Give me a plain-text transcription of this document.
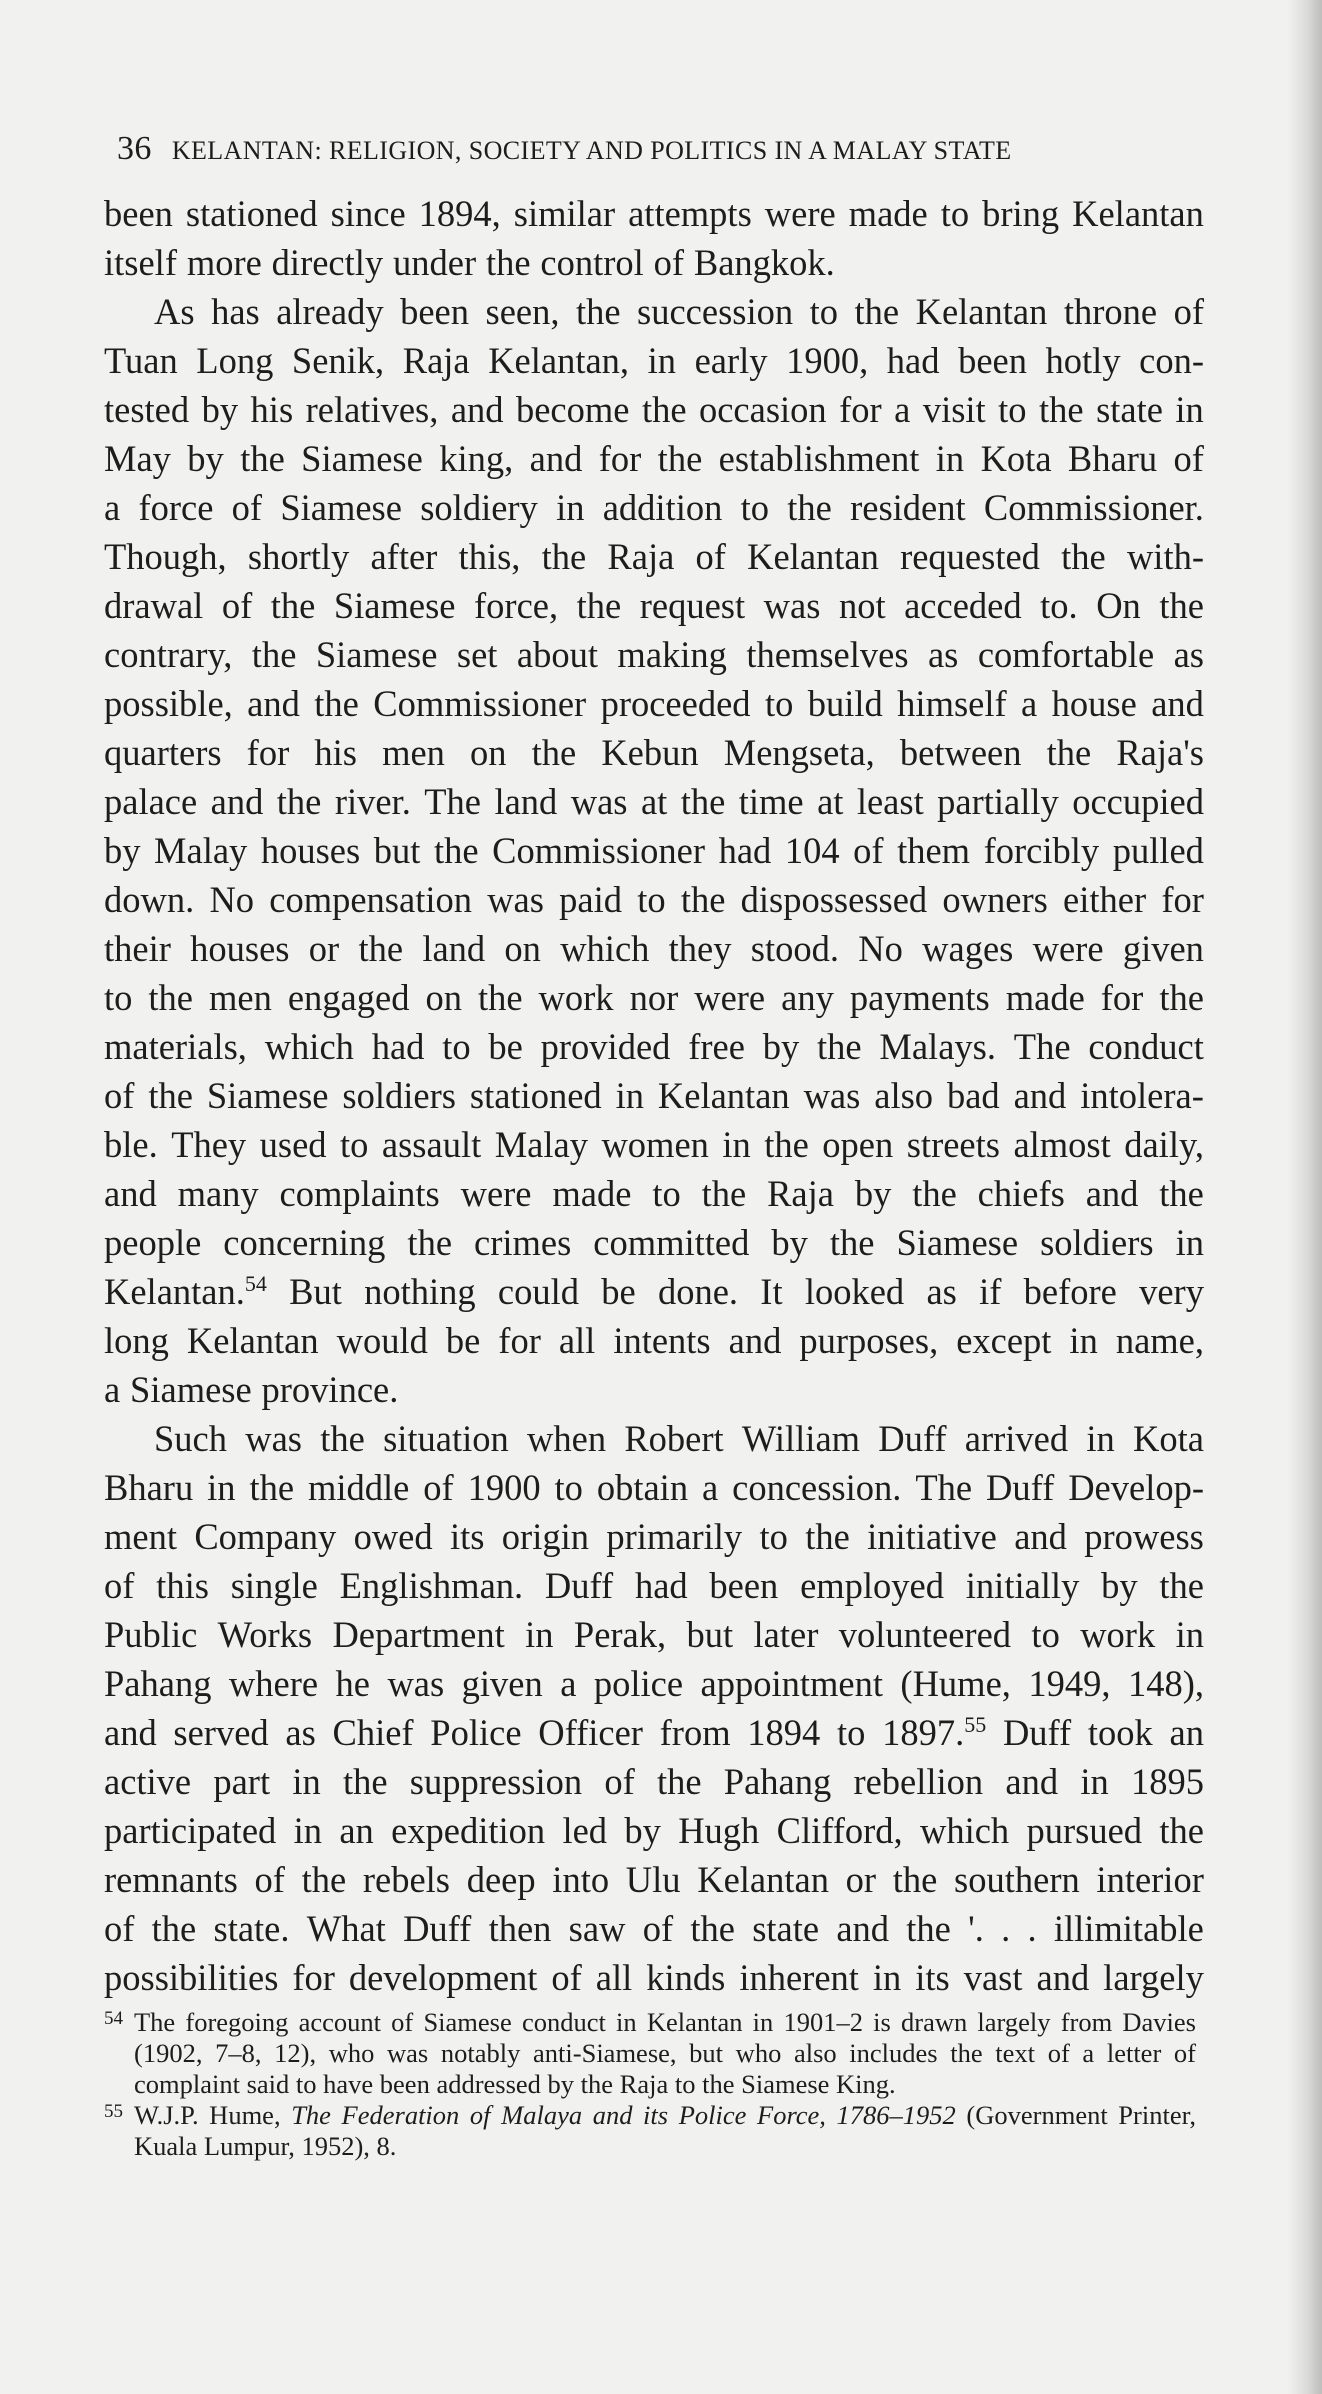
36 KELANTAN: RELIGION, SOCIETY AND POLITICS IN A MALAY STATE
been stationed since 1894, similar attempts were made to bring Kelantan
itself more directly under the control of Bangkok.
As has already been seen, the succession to the Kelantan throne of
Tuan Long Senik, Raja Kelantan, in early 1900, had been hotly con-
tested by his relatives, and become the occasion for a visit to the state in
May by the Siamese king, and for the establishment in Kota Bharu of
a force of Siamese soldiery in addition to the resident Commissioner.
Though, shortly after this, the Raja of Kelantan requested the with-
drawal of the Siamese force, the request was not acceded to. On the
contrary, the Siamese set about making themselves as comfortable as
possible, and the Commissioner proceeded to build himself a house and
quarters for his men on the Kebun Mengseta, between the Raja's
palace and the river. The land was at the time at least partially occupied
by Malay houses but the Commissioner had 104 of them forcibly pulled
down. No compensation was paid to the dispossessed owners either for
their houses or the land on which they stood. No wages were given
to the men engaged on the work nor were any payments made for the
materials, which had to be provided free by the Malays. The conduct
of the Siamese soldiers stationed in Kelantan was also bad and intolera-
ble. They used to assault Malay women in the open streets almost daily,
and many complaints were made to the Raja by the chiefs and the
people concerning the crimes committed by the Siamese soldiers in
Kelantan.$^{54}$ But nothing could be done. It looked as if before very
long Kelantan would be for all intents and purposes, except in name,
a Siamese province.
Such was the situation when Robert William Duff arrived in Kota
Bharu in the middle of 1900 to obtain a concession. The Duff Develop-
ment Company owed its origin primarily to the initiative and prowess
of this single Englishman. Duff had been employed initially by the
Public Works Department in Perak, but later volunteered to work in
Pahang where he was given a police appointment (Hume, 1949, 148),
and served as Chief Police Officer from 1894 to 1897.55 Duff took an
active part in the suppression of the Pahang rebellion and in 1895
participated in an expedition led by Hugh Clifford, which pursued the
remnants of the rebels deep into Ulu Kelantan or the southern interior
of the state. What Duff then saw of the state and the '. . . illimitable
possibilities for development of all kinds inherent in its vast and largely
54 The foregoing account of Siamese conduct in Kelantan in 1901–2 is drawn largely from Davies (1902, 7–8, 12), who was notably anti-Siamese, but who also includes the text of a letter of complaint said to have been addressed by the Raja to the Siamese King.
55 W.J.P. Hume, The Federation of Malaya and its Police Force, 1786–1952 (Government Printer, Kuala Lumpur, 1952), 8.
